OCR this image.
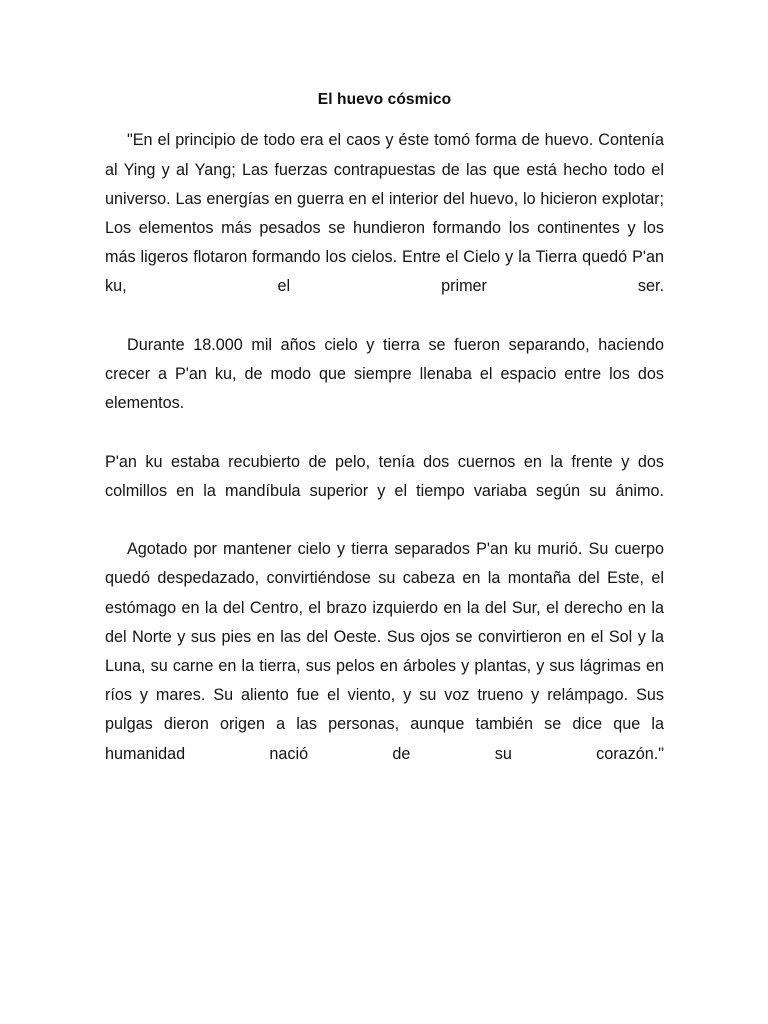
El huevo cósmico

"En el principio de todo era el caos y éste tomó forma de huevo. Contenía al Ying y al Yang; Las fuerzas contrapuestas de las que está hecho todo el universo. Las energías en guerra en el interior del huevo, lo hicieron explotar; Los elementos más pesados se hundieron formando los continentes y los más ligeros flotaron formando los cielos. Entre el Cielo y la Tierra quedó P'an ku, el primer ser.

Durante 18.000 mil años cielo y tierra se fueron separando, haciendo crecer a P'an ku, de modo que siempre llenaba el espacio entre los dos elementos.

P'an ku estaba recubierto de pelo, tenía dos cuernos en la frente y dos colmillos en la mandíbula superior y el tiempo variaba según su ánimo.

Agotado por mantener cielo y tierra separados P'an ku murió. Su cuerpo quedó despedazado, convirtiéndose su cabeza en la montaña del Este, el estómago en la del Centro, el brazo izquierdo en la del Sur, el derecho en la del Norte y sus pies en las del Oeste. Sus ojos se convirtieron en el Sol y la Luna, su carne en la tierra, sus pelos en árboles y plantas, y sus lágrimas en ríos y mares. Su aliento fue el viento, y su voz trueno y relámpago. Sus pulgas dieron origen a las personas, aunque también se dice que la humanidad nació de su corazón."
